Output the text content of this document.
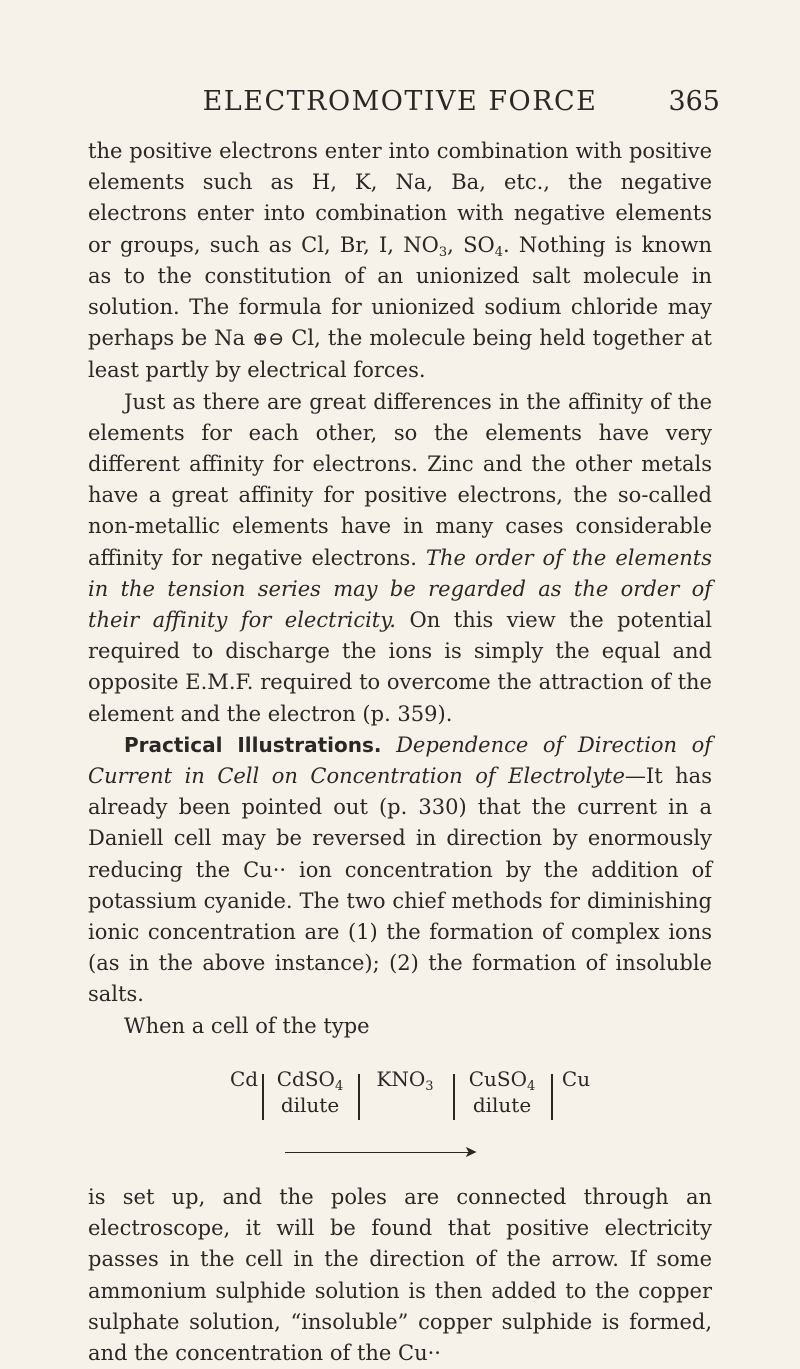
ELECTROMOTIVE FORCE	365

the positive electrons enter into combination with positive elements such as H, K, Na, Ba, etc., the negative electrons enter into combination with negative elements or groups, such as Cl, Br, I, $NO_3$, $SO_4$. Nothing is known as to the constitution of an unionized salt molecule in solution. The formula for unionized sodium chloride may perhaps be Na ⊕⊖ Cl, the molecule being held together at least partly by electrical forces.

Just as there are great differences in the affinity of the elements for each other, so the elements have very different affinity for electrons. Zinc and the other metals have a great affinity for positive electrons, the so-called non-metallic elements have in many cases considerable affinity for negative electrons. The order of the elements in the tension series may be regarded as the order of their affinity for electricity. On this view the potential required to discharge the ions is simply the equal and opposite E.M.F. required to overcome the attraction of the element and the electron (p. 359).

Practical Illustrations. Dependence of Direction of Current in Cell on Concentration of Electrolyte—It has already been pointed out (p. 330) that the current in a Daniell cell may be reversed in direction by enormously reducing the Cu·· ion concentration by the addition of potassium cyanide. The two chief methods for diminishing ionic concentration are (1) the formation of complex ions (as in the above instance); (2) the formation of insoluble salts.

When a cell of the type

Cd CdSO$_4$
dilute
$KNO_3$	CuSO$_4$
dilute
Cu
➤

is set up, and the poles are connected through an electroscope, it will be found that positive electricity passes in the cell in the direction of the arrow. If some ammonium sulphide solution is then added to the copper sulphate solution, “insoluble” copper sulphide is formed, and the concentration of the Cu··
